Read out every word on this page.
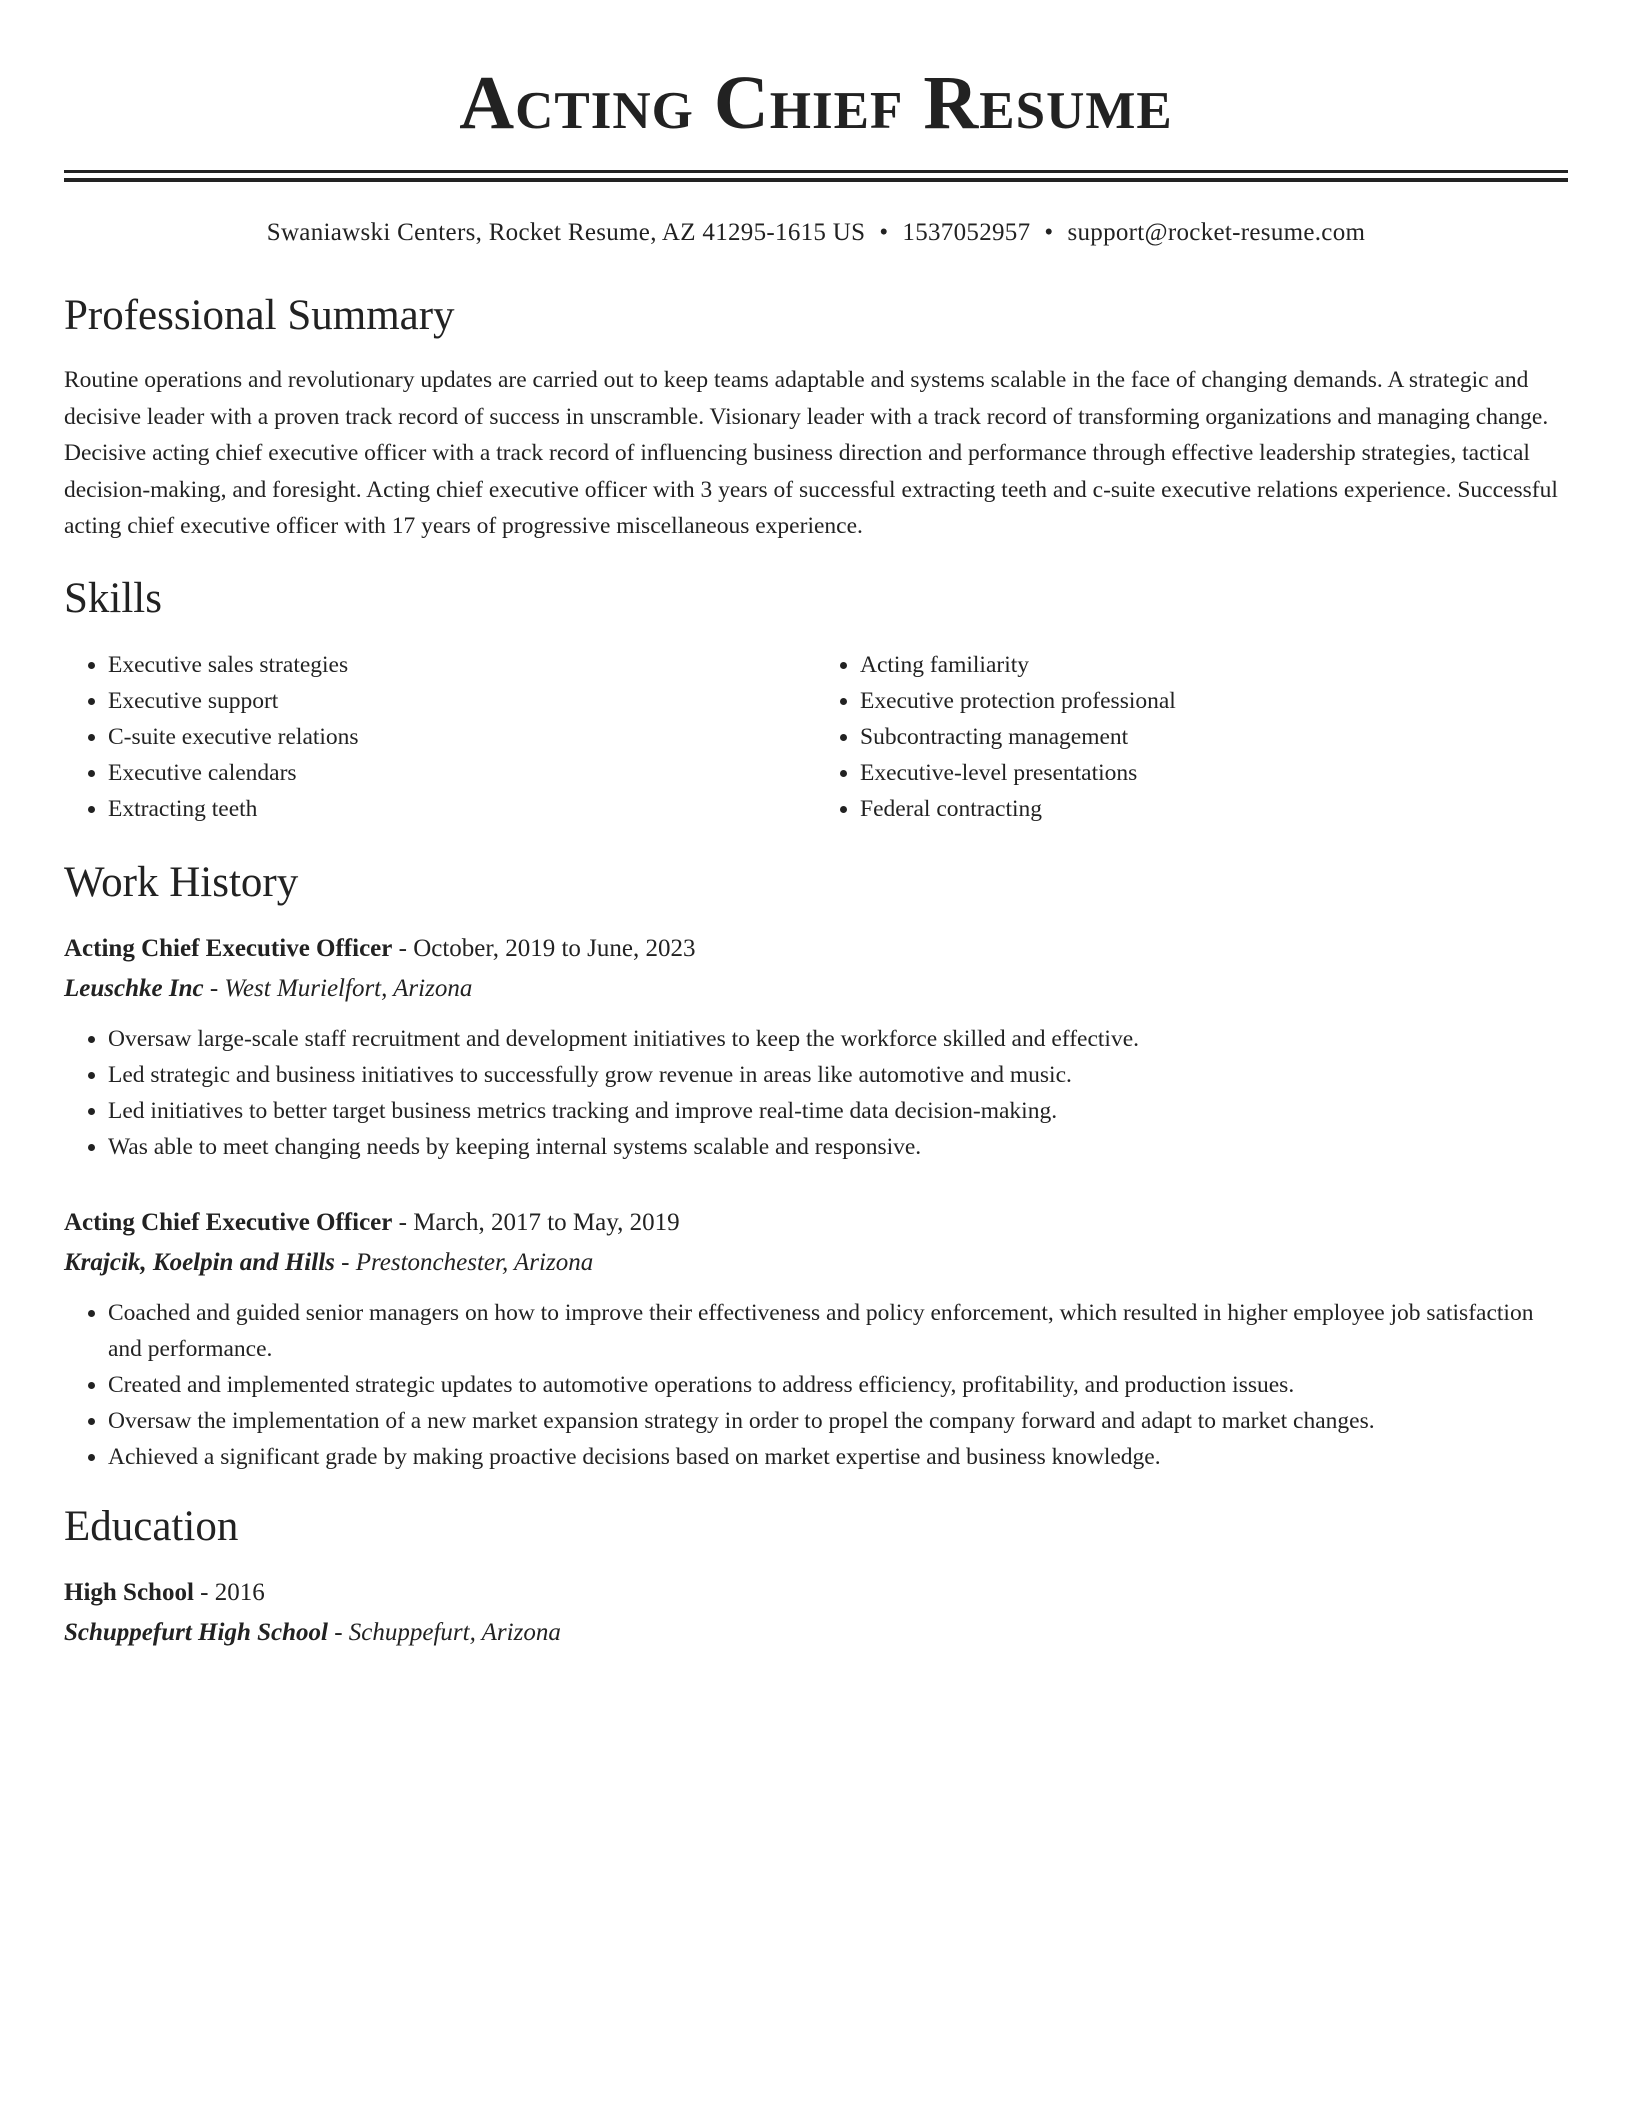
Acting Chief Resume
Swaniawski Centers, Rocket Resume, AZ 41295-1615 US • 1537052957 • support@rocket-resume.com
Professional Summary

Routine operations and revolutionary updates are carried out to keep teams adaptable and systems scalable in the face of changing demands. A strategic and decisive leader with a proven track record of success in unscramble. Visionary leader with a track record of transforming organizations and managing change. Decisive acting chief executive officer with a track record of influencing business direction and performance through effective leadership strategies, tactical decision-making, and foresight. Acting chief executive officer with 3 years of successful extracting teeth and c-suite executive relations experience. Successful acting chief executive officer with 17 years of progressive miscellaneous experience.

Skills
• Executive sales strategies
• Executive support
• C-suite executive relations
• Executive calendars
• Extracting teeth
• Acting familiarity
• Executive protection professional
• Subcontracting management
• Executive-level presentations
• Federal contracting
Work History
Acting Chief Executive Officer - October, 2019 to June, 2023
Leuschke Inc - West Murielfort, Arizona
• Oversaw large-scale staff recruitment and development initiatives to keep the workforce skilled and effective.
• Led strategic and business initiatives to successfully grow revenue in areas like automotive and music.
• Led initiatives to better target business metrics tracking and improve real-time data decision-making.
• Was able to meet changing needs by keeping internal systems scalable and responsive.
Acting Chief Executive Officer - March, 2017 to May, 2019
Krajcik, Koelpin and Hills - Prestonchester, Arizona
• Coached and guided senior managers on how to improve their effectiveness and policy enforcement, which resulted in higher employee job satisfaction and performance.
• Created and implemented strategic updates to automotive operations to address efficiency, profitability, and production issues.
• Oversaw the implementation of a new market expansion strategy in order to propel the company forward and adapt to market changes.
• Achieved a significant grade by making proactive decisions based on market expertise and business knowledge.
Education
High School - 2016
Schuppefurt High School - Schuppefurt, Arizona
